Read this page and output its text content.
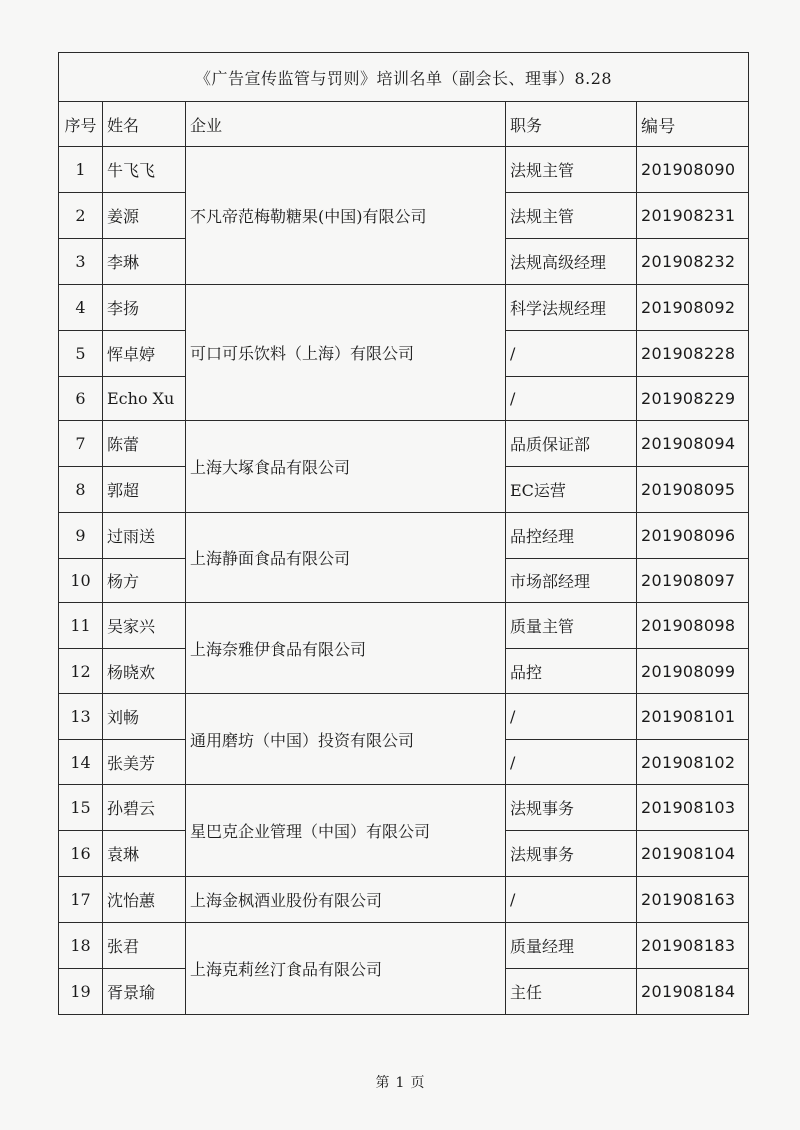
《广告宣传监管与罚则》培训名单（副会长、理事）8.28				
序号	姓名	企业	职务	编号
1	牛飞飞	不凡帝范梅勒糖果(中国)有限公司	法规主管	201908090
2	姜源		法规主管	201908231
3	李琳		法规高级经理	201908232
4	李扬	可口可乐饮料（上海）有限公司	科学法规经理	201908092
5	恽卓婷		/	201908228
6	Echo Xu		/	201908229
7	陈蕾	上海大塚食品有限公司	品质保证部	201908094
8	郭超		EC运营	201908095
9	过雨送	上海静面食品有限公司	品控经理	201908096
10	杨方		市场部经理	201908097
11	吴家兴	上海奈雅伊食品有限公司	质量主管	201908098
12	杨晓欢		品控	201908099
13	刘畅	通用磨坊（中国）投资有限公司	/	201908101
14	张美芳		/	201908102
15	孙碧云	星巴克企业管理（中国）有限公司	法规事务	201908103
16	袁琳		法规事务	201908104
17	沈怡蕙	上海金枫酒业股份有限公司	/	201908163
18	张君	上海克莉丝汀食品有限公司	质量经理	201908183
19	胥景瑜		主任	201908184
第 1 页
